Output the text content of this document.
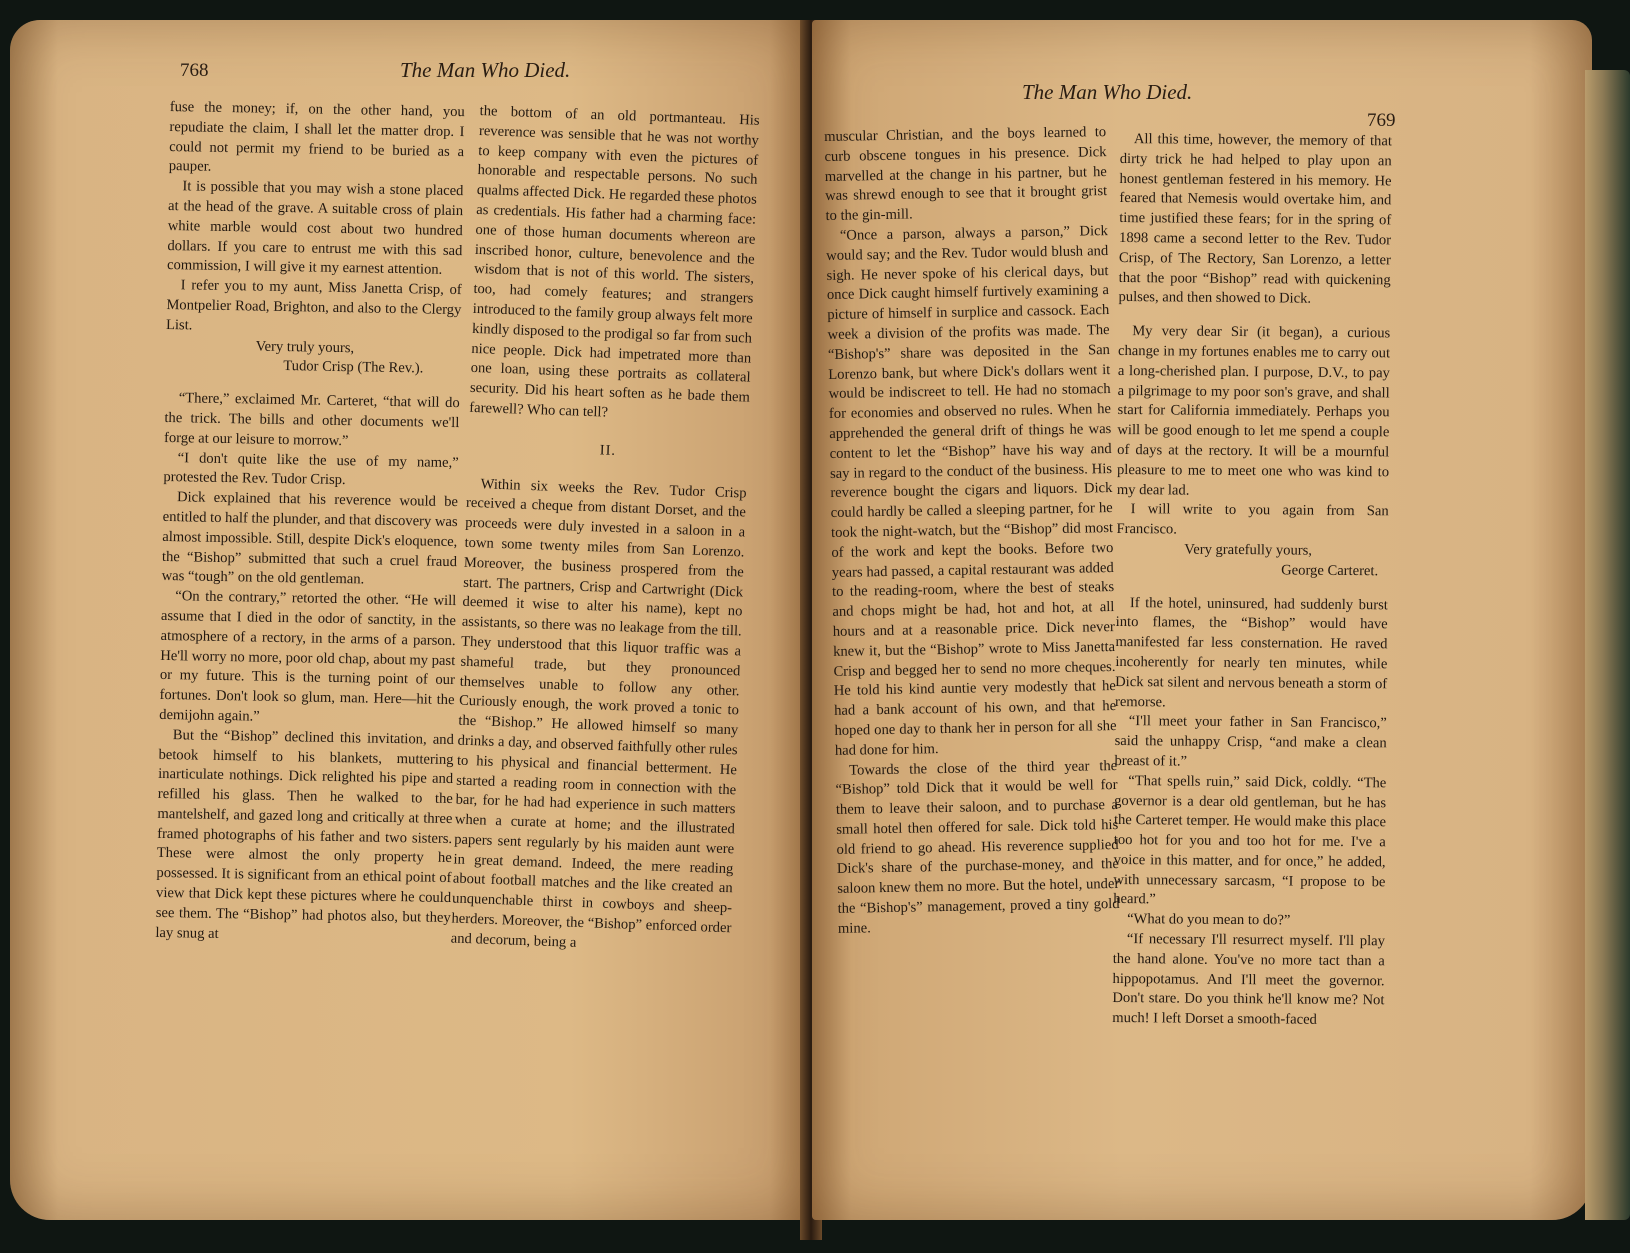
768	The Man Who Died.

fuse the money; if, on the other hand, you repudiate the claim, I shall let the matter drop. I could not permit my friend to be buried as a pauper.

It is possible that you may wish a stone placed at the head of the grave. A suitable cross of plain white marble would cost about two hundred dollars. If you care to entrust me with this sad commission, I will give it my earnest attention.

I refer you to my aunt, Miss Janetta Crisp, of Montpelier Road, Brighton, and also to the Clergy List.

Very truly yours,

Tudor Crisp (The Rev.).

“There,” exclaimed Mr. Carteret, “that will do the trick. The bills and other documents we'll forge at our leisure to morrow.”

“I don't quite like the use of my name,” protested the Rev. Tudor Crisp.

Dick explained that his reverence would be entitled to half the plunder, and that discovery was almost impossible. Still, despite Dick's eloquence, the “Bishop” submitted that such a cruel fraud was “tough” on the old gentleman.

“On the contrary,” retorted the other. “He will assume that I died in the odor of sanctity, in the atmosphere of a rectory, in the arms of a parson. He'll worry no more, poor old chap, about my past or my future. This is the turning point of our fortunes. Don't look so glum, man. Here—hit the demijohn again.”

But the “Bishop” declined this invitation, and betook himself to his blankets, muttering inarticulate nothings. Dick relighted his pipe and refilled his glass. Then he walked to the mantelshelf, and gazed long and critically at three framed photographs of his father and two sisters. These were almost the only property he possessed. It is significant from an ethical point of view that Dick kept these pictures where he could see them. The “Bishop” had photos also, but they lay snug at

the bottom of an old portmanteau. His reverence was sensible that he was not worthy to keep company with even the pictures of honorable and respectable persons. No such qualms affected Dick. He regarded these photos as credentials. His father had a charming face: one of those human documents whereon are inscribed honor, culture, benevolence and the wisdom that is not of this world. The sisters, too, had comely features; and strangers introduced to the family group always felt more kindly disposed to the prodigal so far from such nice people. Dick had impetrated more than one loan, using these portraits as collateral security. Did his heart soften as he bade them farewell? Who can tell?

II.

Within six weeks the Rev. Tudor Crisp received a cheque from distant Dorset, and the proceeds were duly invested in a saloon in a town some twenty miles from San Lorenzo. Moreover, the business prospered from the start. The partners, Crisp and Cartwright (Dick deemed it wise to alter his name), kept no assistants, so there was no leakage from the till. They understood that this liquor traffic was a shameful trade, but they pronounced themselves unable to follow any other. Curiously enough, the work proved a tonic to the “Bishop.” He allowed himself so many drinks a day, and observed faithfully other rules to his physical and financial betterment. He started a reading room in connection with the bar, for he had had experience in such matters when a curate at home; and the illustrated papers sent regularly by his maiden aunt were in great demand. Indeed, the mere reading about football matches and the like created an unquenchable thirst in cowboys and sheep-herders. Moreover, the “Bishop” enforced order and decorum, being a

The Man Who Died.
769

muscular Christian, and the boys learned to curb obscene tongues in his presence. Dick marvelled at the change in his partner, but he was shrewd enough to see that it brought grist to the gin-mill.

“Once a parson, always a parson,” Dick would say; and the Rev. Tudor would blush and sigh. He never spoke of his clerical days, but once Dick caught himself furtively examining a picture of himself in surplice and cassock. Each week a division of the profits was made. The “Bishop's” share was deposited in the San Lorenzo bank, but where Dick's dollars went it would be indiscreet to tell. He had no stomach for economies and observed no rules. When he apprehended the general drift of things he was content to let the “Bishop” have his way and say in regard to the conduct of the business. His reverence bought the cigars and liquors. Dick could hardly be called a sleeping partner, for he took the night-watch, but the “Bishop” did most of the work and kept the books. Before two years had passed, a capital restaurant was added to the reading-room, where the best of steaks and chops might be had, hot and hot, at all hours and at a reasonable price. Dick never knew it, but the “Bishop” wrote to Miss Janetta Crisp and begged her to send no more cheques. He told his kind auntie very modestly that he had a bank account of his own, and that he hoped one day to thank her in person for all she had done for him.

Towards the close of the third year the “Bishop” told Dick that it would be well for them to leave their saloon, and to purchase a small hotel then offered for sale. Dick told his old friend to go ahead. His reverence supplied Dick's share of the purchase-money, and the saloon knew them no more. But the hotel, under the “Bishop's” management, proved a tiny gold mine.

All this time, however, the memory of that dirty trick he had helped to play upon an honest gentleman festered in his memory. He feared that Nemesis would overtake him, and time justified these fears; for in the spring of 1898 came a second letter to the Rev. Tudor Crisp, of The Rectory, San Lorenzo, a letter that the poor “Bishop” read with quickening pulses, and then showed to Dick.

My very dear Sir (it began), a curious change in my fortunes enables me to carry out a long-cherished plan. I purpose, D.V., to pay a pilgrimage to my poor son's grave, and shall start for California immediately. Perhaps you will be good enough to let me spend a couple of days at the rectory. It will be a mournful pleasure to me to meet one who was kind to my dear lad.

I will write to you again from San Francisco.

Very gratefully yours,

George Carteret.

If the hotel, uninsured, had suddenly burst into flames, the “Bishop” would have manifested far less consternation. He raved incoherently for nearly ten minutes, while Dick sat silent and nervous beneath a storm of remorse.

“I'll meet your father in San Francisco,” said the unhappy Crisp, “and make a clean breast of it.”

“That spells ruin,” said Dick, coldly. “The governor is a dear old gentleman, but he has the Carteret temper. He would make this place too hot for you and too hot for me. I've a voice in this matter, and for once,” he added, with unnecessary sarcasm, “I propose to be heard.”

“What do you mean to do?”

“If necessary I'll resurrect myself. I'll play the hand alone. You've no more tact than a hippopotamus. And I'll meet the governor. Don't stare. Do you think he'll know me? Not much! I left Dorset a smooth-faced
